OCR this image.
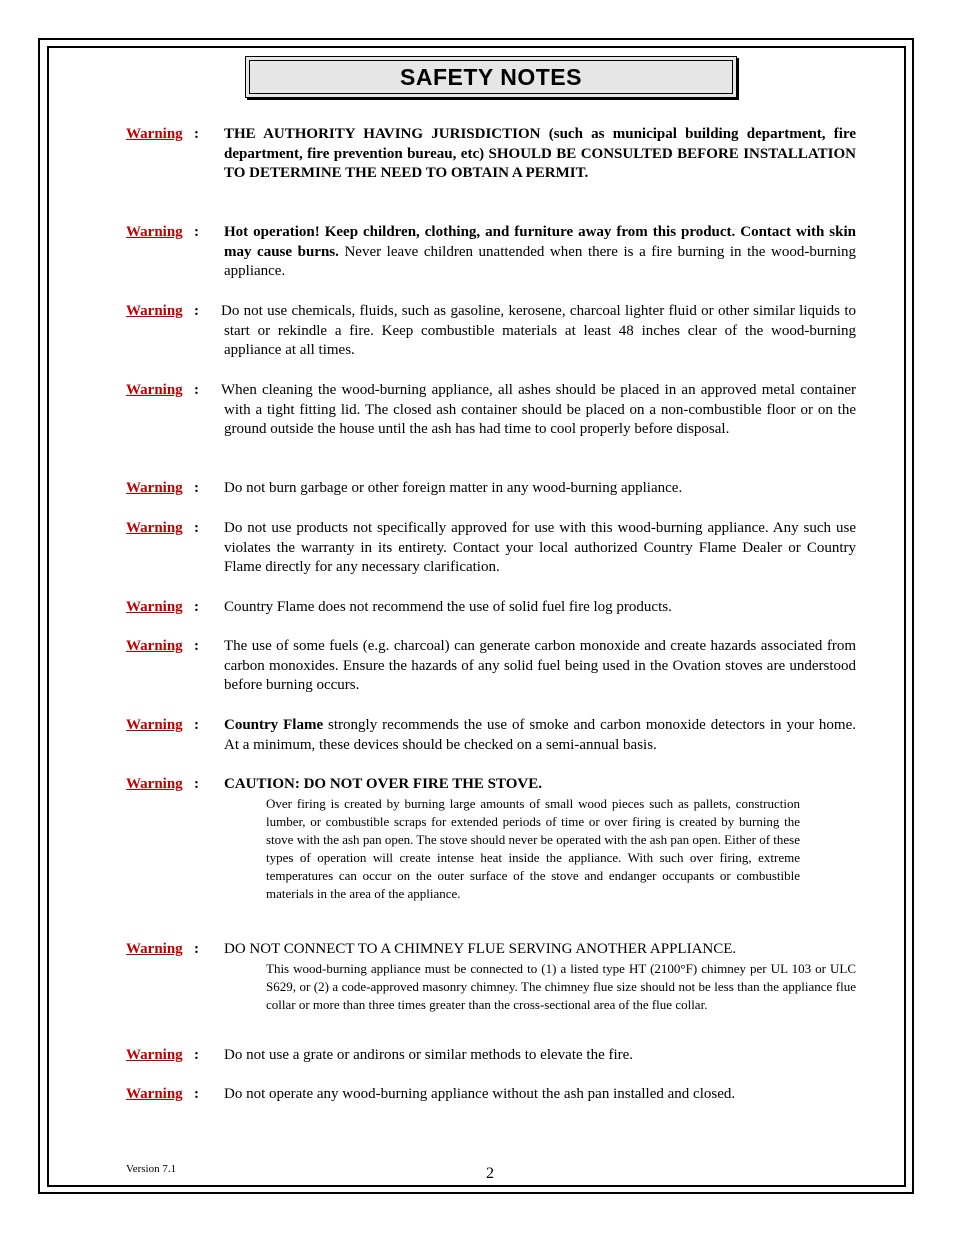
SAFETY NOTES
Warning : THE AUTHORITY HAVING JURISDICTION (such as municipal building department, fire department, fire prevention bureau, etc) SHOULD BE CONSULTED BEFORE INSTALLATION TO DETERMINE THE NEED TO OBTAIN A PERMIT.
Warning : Hot operation! Keep children, clothing, and furniture away from this product. Contact with skin may cause burns. Never leave children unattended when there is a fire burning in the wood-burning appliance.
Warning : Do not use chemicals, fluids, such as gasoline, kerosene, charcoal lighter fluid or other similar liquids to start or rekindle a fire. Keep combustible materials at least 48 inches clear of the wood-burning appliance at all times.
Warning : When cleaning the wood-burning appliance, all ashes should be placed in an approved metal container with a tight fitting lid. The closed ash container should be placed on a non-combustible floor or on the ground outside the house until the ash has had time to cool properly before disposal.
Warning : Do not burn garbage or other foreign matter in any wood-burning appliance.
Warning : Do not use products not specifically approved for use with this wood-burning appliance. Any such use violates the warranty in its entirety. Contact your local authorized Country Flame Dealer or Country Flame directly for any necessary clarification.
Warning : Country Flame does not recommend the use of solid fuel fire log products.
Warning : The use of some fuels (e.g. charcoal) can generate carbon monoxide and create hazards associated from carbon monoxides. Ensure the hazards of any solid fuel being used in the Ovation stoves are understood before burning occurs.
Warning : Country Flame strongly recommends the use of smoke and carbon monoxide detectors in your home. At a minimum, these devices should be checked on a semi-annual basis.
Warning : CAUTION: DO NOT OVER FIRE THE STOVE.
Over firing is created by burning large amounts of small wood pieces such as pallets, construction lumber, or combustible scraps for extended periods of time or over firing is created by burning the stove with the ash pan open. The stove should never be operated with the ash pan open. Either of these types of operation will create intense heat inside the appliance. With such over firing, extreme temperatures can occur on the outer surface of the stove and endanger occupants or combustible materials in the area of the appliance.
Warning : DO NOT CONNECT TO A CHIMNEY FLUE SERVING ANOTHER APPLIANCE.
This wood-burning appliance must be connected to (1) a listed type HT (2100°F) chimney per UL 103 or ULC S629, or (2) a code-approved masonry chimney. The chimney flue size should not be less than the appliance flue collar or more than three times greater than the cross-sectional area of the flue collar.
Warning : Do not use a grate or andirons or similar methods to elevate the fire.
Warning : Do not operate any wood-burning appliance without the ash pan installed and closed.
Version 7.1	2
